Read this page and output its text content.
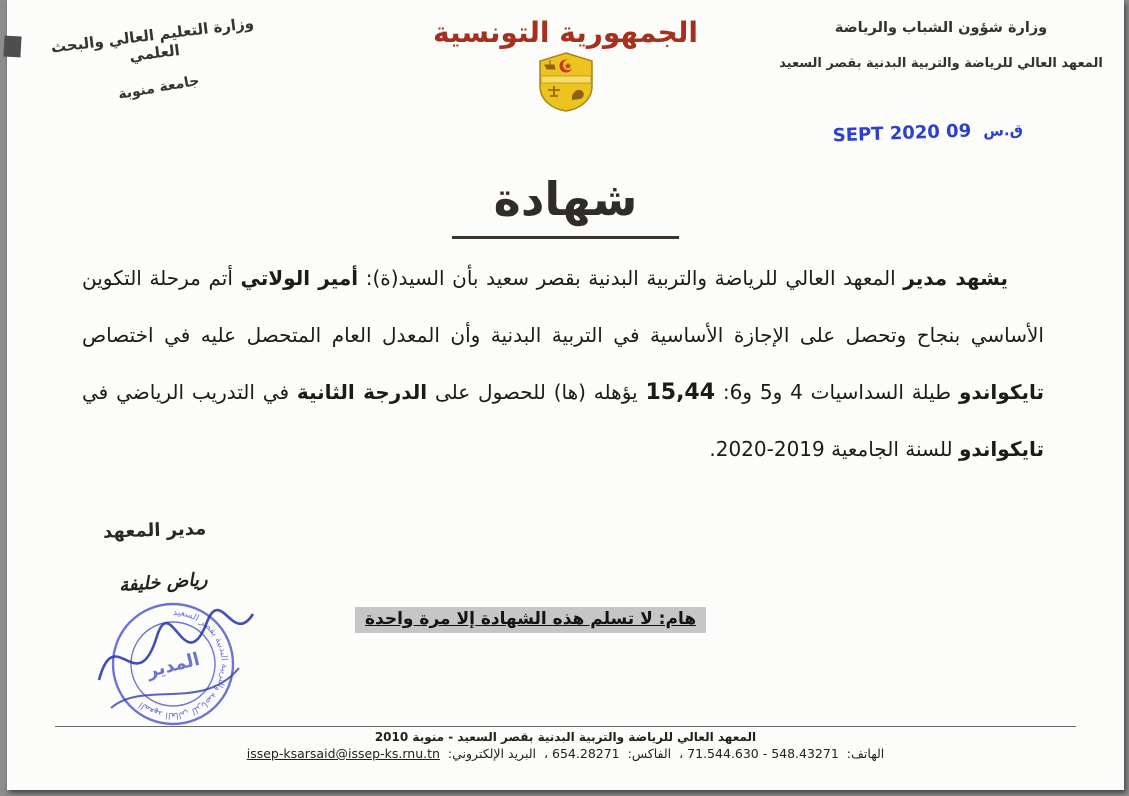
وزارة التعليم العالي والبحث العلمي
جامعة منوبة
الجمهورية التونسية	وزارة شؤون الشباب والرياضة
المعهد العالي للرياضة والتربية البدنية بقصر السعيد
ق.س09 SEPT 2020
شهادة

يشهد مدير المعهد العالي للرياضة والتربية البدنية بقصر سعيد بأن السيد(ة): أمير الولاتي أتم مرحلة التكوين الأساسي بنجاح وتحصل على الإجازة الأساسية في التربية البدنية وأن المعدل العام المتحصل عليه في اختصاص تايكواندو طيلة السداسيات 4 و5 و6: 15,44 يؤهله (ها) للحصول على الدرجة الثانية في التدريب الرياضي في تايكواندو للسنة الجامعية 2019-2020.

مدير المعهد
رياض خليفة
المعهد العالي للرياضة والتربية البدنية بقصر السعيد
المدير
هام: لا تسلم هذه الشهادة إلا مرة واحدة
المعهد العالي للرياضة والتربية البدنية بقصر السعيد - منوبة 2010
الهاتف: 71.544.630 - 548.43271، الفاكس: 654.28271، البريد الإلكتروني: issep-ksarsaid@issep-ks.rnu.tn
